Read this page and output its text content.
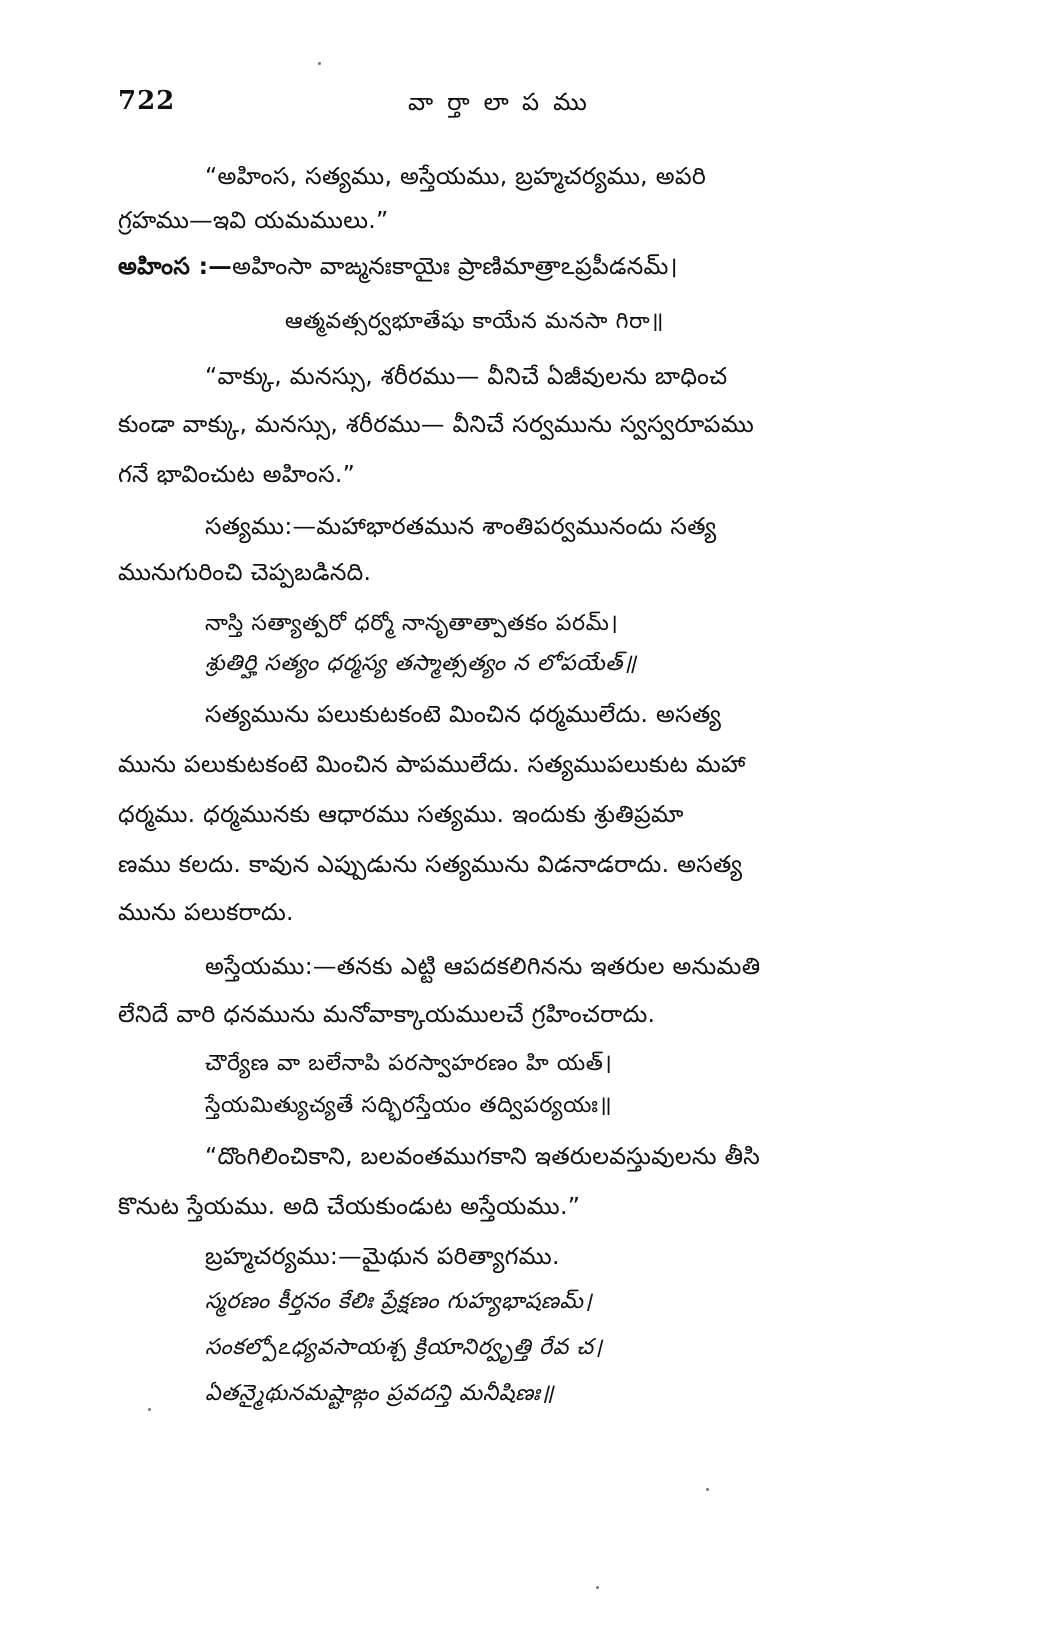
722	వార్తాలాపము
“అహింస, సత్యము, అస్తేయము, బ్రహ్మచర్యము, అపరి
గ్రహము—ఇవి యమములు.”
అహింస :—అహింసా వాఙ్మనఃకాయైః ప్రాణిమాత్రాఽప్రపీడనమ్।
ఆత్మవత్సర్వభూతేషు కాయేన మనసా గిరా॥
“వాక్కు, మనస్సు, శరీరము— వీనిచే ఏజీవులను బాధించ
కుండా వాక్కు, మనస్సు, శరీరము— వీనిచే సర్వమును స్వస్వరూపము
గనే భావించుట అహింస.”
సత్యము:—మహాభారతమున శాంతిపర్వమునందు సత్య
మునుగురించి చెప్పబడినది.
నాస్తి సత్యాత్పరో ధర్మో నానృతాత్పాతకం పరమ్।
శ్రుతిర్హి సత్యం ధర్మస్య తస్మాత్సత్యం న లోపయేత్॥
సత్యమును పలుకుటకంటె మించిన ధర్మములేదు. అసత్య
మును పలుకుటకంటె మించిన పాపములేదు. సత్యముపలుకుట మహా
ధర్మము. ధర్మమునకు ఆధారము సత్యము. ఇందుకు శ్రుతిప్రమా
ణము కలదు. కావున ఎప్పుడును సత్యమును విడనాడరాదు. అసత్య
మును పలుకరాదు.
అస్తేయము:—తనకు ఎట్టి ఆపదకలిగినను ఇతరుల అనుమతి
లేనిదే వారి ధనమును మనోవాక్కాయములచే గ్రహించరాదు.
చౌర్యేణ వా బలేనాపి పరస్వాహరణం హి యత్।
స్తేయమిత్యుచ్యతే సద్భిరస్తేయం తద్విపర్యయః॥
“దొంగిలించికాని, బలవంతముగకాని ఇతరులవస్తువులను తీసి
కొనుట స్తేయము. అది చేయకుండుట అస్తేయము.”
బ్రహ్మచర్యము:—మైథున పరిత్యాగము.
స్మరణం కీర్తనం కేలిః ప్రేక్షణం గుహ్యభాషణమ్।
సంకల్పోఽధ్యవసాయశ్చ క్రియానిర్వృత్తి రేవ చ।
ఏతన్మైథునమష్టాఙ్గం ప్రవదన్తి మనీషిణః॥
